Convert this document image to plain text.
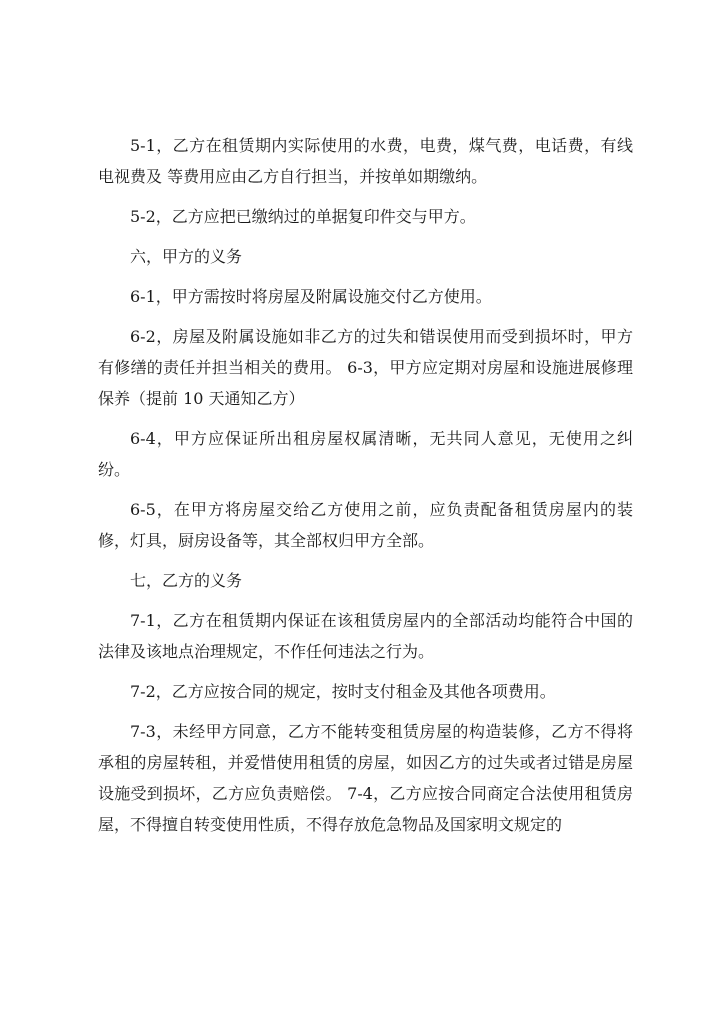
5-1，乙方在租赁期内实际使用的水费，电费，煤气费，电话费，有线电视费及 等费用应由乙方自行担当，并按单如期缴纳。

5-2，乙方应把已缴纳过的单据复印件交与甲方。

六，甲方的义务

6-1，甲方需按时将房屋及附属设施交付乙方使用。

6-2，房屋及附属设施如非乙方的过失和错误使用而受到损坏时，甲方有修缮的责任并担当相关的费用。 6-3，甲方应定期对房屋和设施进展修理保养（提前 10 天通知乙方）

6-4，甲方应保证所出租房屋权属清晰，无共同人意见，无使用之纠纷。

6-5，在甲方将房屋交给乙方使用之前，应负责配备租赁房屋内的装修，灯具，厨房设备等，其全部权归甲方全部。

七，乙方的义务

7-1，乙方在租赁期内保证在该租赁房屋内的全部活动均能符合中国的法律及该地点治理规定，不作任何违法之行为。

7-2，乙方应按合同的规定，按时支付租金及其他各项费用。

7-3，未经甲方同意，乙方不能转变租赁房屋的构造装修，乙方不得将承租的房屋转租，并爱惜使用租赁的房屋，如因乙方的过失或者过错是房屋设施受到损坏，乙方应负责赔偿。 7-4，乙方应按合同商定合法使用租赁房屋，不得擅自转变使用性质，不得存放危急物品及国家明文规定的
